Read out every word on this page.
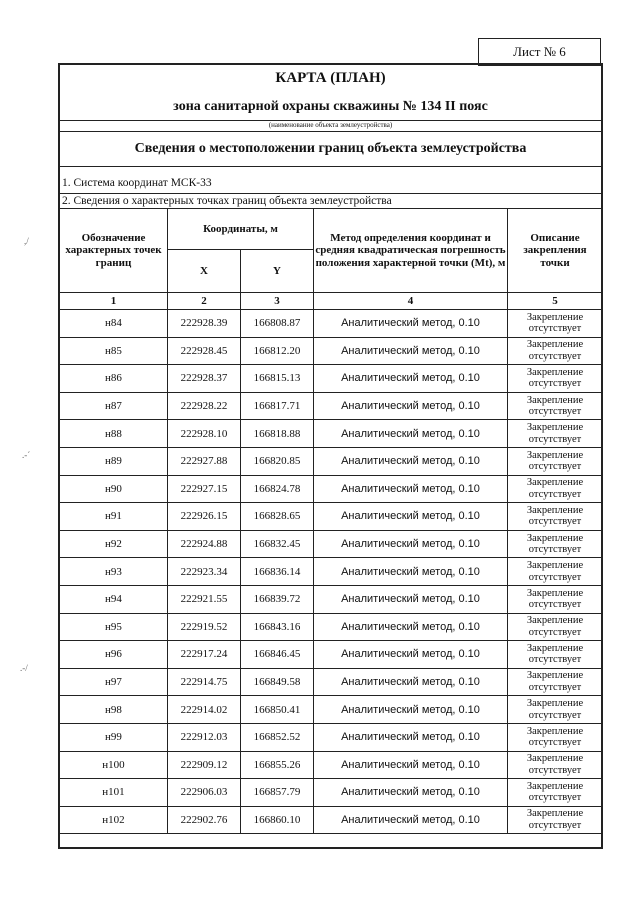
Лист № 6
КАРТА (ПЛАН)
зона санитарной охраны скважины № 134 II пояс
(наименование объекта землеустройства)
Сведения о местоположении границ объекта землеустройства
1. Система координат МСК-33
2. Сведения о характерных точках границ объекта землеустройства
,/
.-´
.-/
Обозначение характерных точек границ	Координаты, м		Метод определения координат и средняя квадратическая погрешность положения характерной точки (Mt), м	Описание закрепления точки
	X	Y		
1	2	3	4	5
н84	222928.39	166808.87	Аналитический метод, 0.10	Закрепление
отсутствует

н85	222928.45	166812.20	Аналитический метод, 0.10	Закрепление
отсутствует

н86	222928.37	166815.13	Аналитический метод, 0.10	Закрепление
отсутствует

н87	222928.22	166817.71	Аналитический метод, 0.10	Закрепление
отсутствует

н88	222928.10	166818.88	Аналитический метод, 0.10	Закрепление
отсутствует

н89	222927.88	166820.85	Аналитический метод, 0.10	Закрепление
отсутствует

н90	222927.15	166824.78	Аналитический метод, 0.10	Закрепление
отсутствует

н91	222926.15	166828.65	Аналитический метод, 0.10	Закрепление
отсутствует

н92	222924.88	166832.45	Аналитический метод, 0.10	Закрепление
отсутствует

н93	222923.34	166836.14	Аналитический метод, 0.10	Закрепление
отсутствует

н94	222921.55	166839.72	Аналитический метод, 0.10	Закрепление
отсутствует

н95	222919.52	166843.16	Аналитический метод, 0.10	Закрепление
отсутствует

н96	222917.24	166846.45	Аналитический метод, 0.10	Закрепление
отсутствует

н97	222914.75	166849.58	Аналитический метод, 0.10	Закрепление
отсутствует

н98	222914.02	166850.41	Аналитический метод, 0.10	Закрепление
отсутствует

н99	222912.03	166852.52	Аналитический метод, 0.10	Закрепление
отсутствует

н100	222909.12	166855.26	Аналитический метод, 0.10	Закрепление
отсутствует

н101	222906.03	166857.79	Аналитический метод, 0.10	Закрепление
отсутствует

н102	222902.76	166860.10	Аналитический метод, 0.10	Закрепление
отсутствует
